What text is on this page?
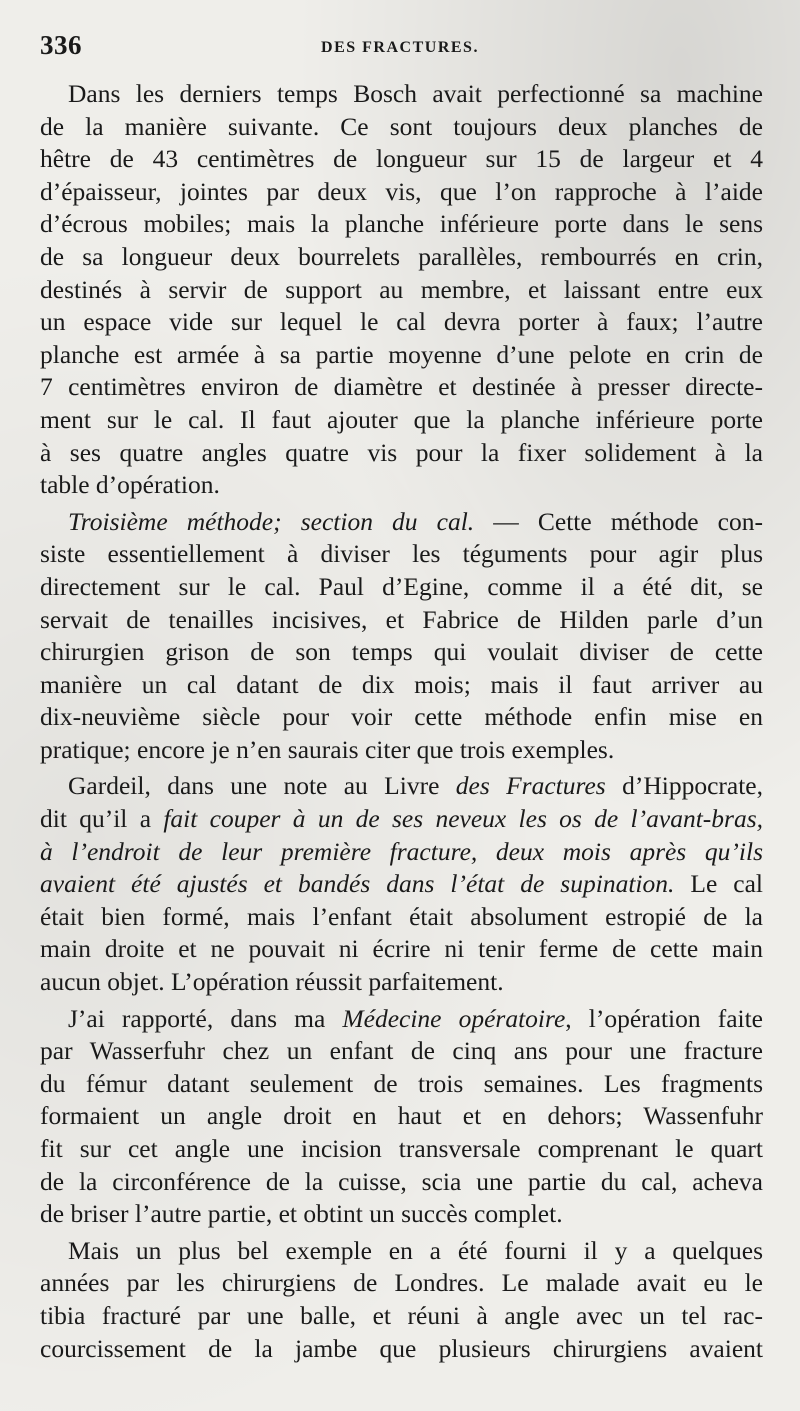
336	DES FRACTURES.
Dans les derniers temps Bosch avait perfectionné sa machine
de la manière suivante. Ce sont toujours deux planches de
hêtre de 43 centimètres de longueur sur 15 de largeur et 4
d’épaisseur, jointes par deux vis, que l’on rapproche à l’aide
d’écrous mobiles; mais la planche inférieure porte dans le sens
de sa longueur deux bourrelets parallèles, rembourrés en crin,
destinés à servir de support au membre, et laissant entre eux
un espace vide sur lequel le cal devra porter à faux; l’autre
planche est armée à sa partie moyenne d’une pelote en crin de
7 centimètres environ de diamètre et destinée à presser directe-
ment sur le cal. Il faut ajouter que la planche inférieure porte
à ses quatre angles quatre vis pour la fixer solidement à la
table d’opération.
Troisième méthode; section du cal. — Cette méthode con-
siste essentiellement à diviser les téguments pour agir plus
directement sur le cal. Paul d’Egine, comme il a été dit, se
servait de tenailles incisives, et Fabrice de Hilden parle d’un
chirurgien grison de son temps qui voulait diviser de cette
manière un cal datant de dix mois; mais il faut arriver au
dix-neuvième siècle pour voir cette méthode enfin mise en
pratique; encore je n’en saurais citer que trois exemples.
Gardeil, dans une note au Livre des Fractures d’Hippocrate,
dit qu’il a fait couper à un de ses neveux les os de l’avant-bras,
à l’endroit de leur première fracture, deux mois après qu’ils
avaient été ajustés et bandés dans l’état de supination. Le cal
était bien formé, mais l’enfant était absolument estropié de la
main droite et ne pouvait ni écrire ni tenir ferme de cette main
aucun objet. L’opération réussit parfaitement.
J’ai rapporté, dans ma Médecine opératoire, l’opération faite
par Wasserfuhr chez un enfant de cinq ans pour une fracture
du fémur datant seulement de trois semaines. Les fragments
formaient un angle droit en haut et en dehors; Wassenfuhr
fit sur cet angle une incision transversale comprenant le quart
de la circonférence de la cuisse, scia une partie du cal, acheva
de briser l’autre partie, et obtint un succès complet.
Mais un plus bel exemple en a été fourni il y a quelques
années par les chirurgiens de Londres. Le malade avait eu le
tibia fracturé par une balle, et réuni à angle avec un tel rac-
courcissement de la jambe que plusieurs chirurgiens avaient
